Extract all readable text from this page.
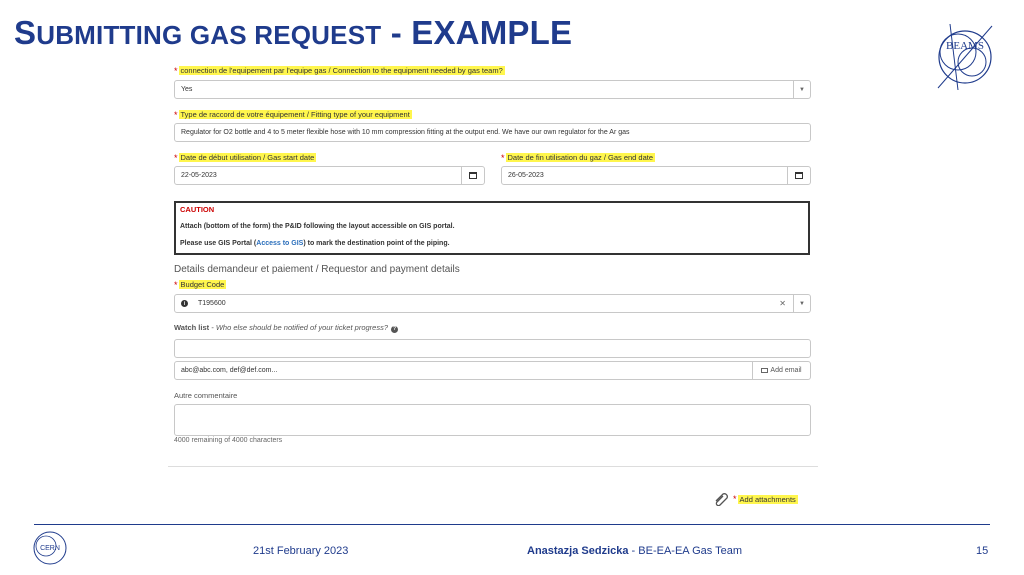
SUBMITTING GAS REQUEST - EXAMPLE	BEAMS
* connection de l'equipement par l'equipe gas / Connection to the equipment needed by gas team?
Yes	▼
* Type de raccord de votre équipement / Fitting type of your equipment
Regulator for O2 bottle and 4 to 5 meter flexible hose with 10 mm compression fitting at the output end. We have our own regulator for the Ar gas
* Date de début utilisation / Gas start date
22-05-2023
* Date de fin utilisation du gaz / Gas end date
26-05-2023
CAUTION
Attach (bottom of the form) the P&ID following the layout accessible on GIS portal.
Please use GIS Portal (Access to GIS) to mark the destination point of the piping.
Details demandeur et paiement / Requestor and payment details
* Budget Code
i	T195600	✕	▼
Watch list - Who else should be notified of your ticket progress? ?
abc@abc.com, def@def.com...	Add email
Autre commentaire
4000 remaining of 4000 characters
* Add attachments
CERN	21st February 2023	Anastazja Sedzicka - BE-EA-EA Gas Team	15
